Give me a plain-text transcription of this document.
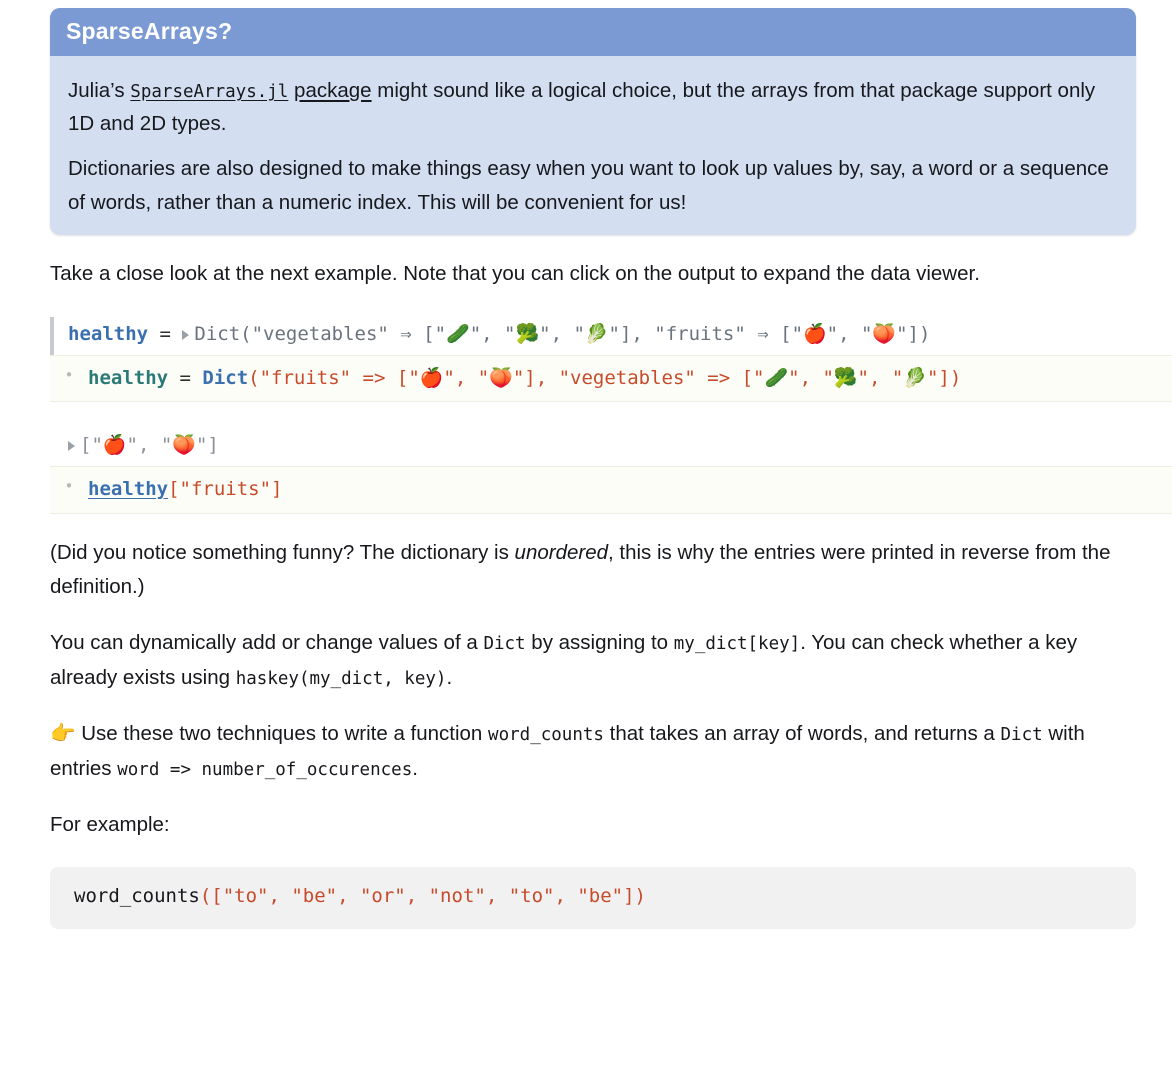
SparseArrays?

Julia’s SparseArrays.jl package might sound like a logical choice, but the arrays from that package support only 1D and 2D types.

Dictionaries are also designed to make things easy when you want to look up values by, say, a word or a sequence of words, rather than a numeric index. This will be convenient for us!

Take a close look at the next example. Note that you can click on the output to expand the data viewer.

healthy = Dict("vegetables" ⇒ ["🥒", "🥦", "🥬"], "fruits" ⇒ ["🍎", "🍑"])
• healthy = Dict("fruits" => ["🍎", "🍑"], "vegetables" => ["🥒", "🥦", "🥬"])
["🍎", "🍑"]
• healthy["fruits"]

(Did you notice something funny? The dictionary is unordered, this is why the entries were printed in reverse from the definition.)

You can dynamically add or change values of a Dict by assigning to my_dict[key]. You can check whether a key already exists using haskey(my_dict, key).

👉 Use these two techniques to write a function word_counts that takes an array of words, and returns a Dict with entries word => number_of_occurences.

For example:

word_counts(["to", "be", "or", "not", "to", "be"])
